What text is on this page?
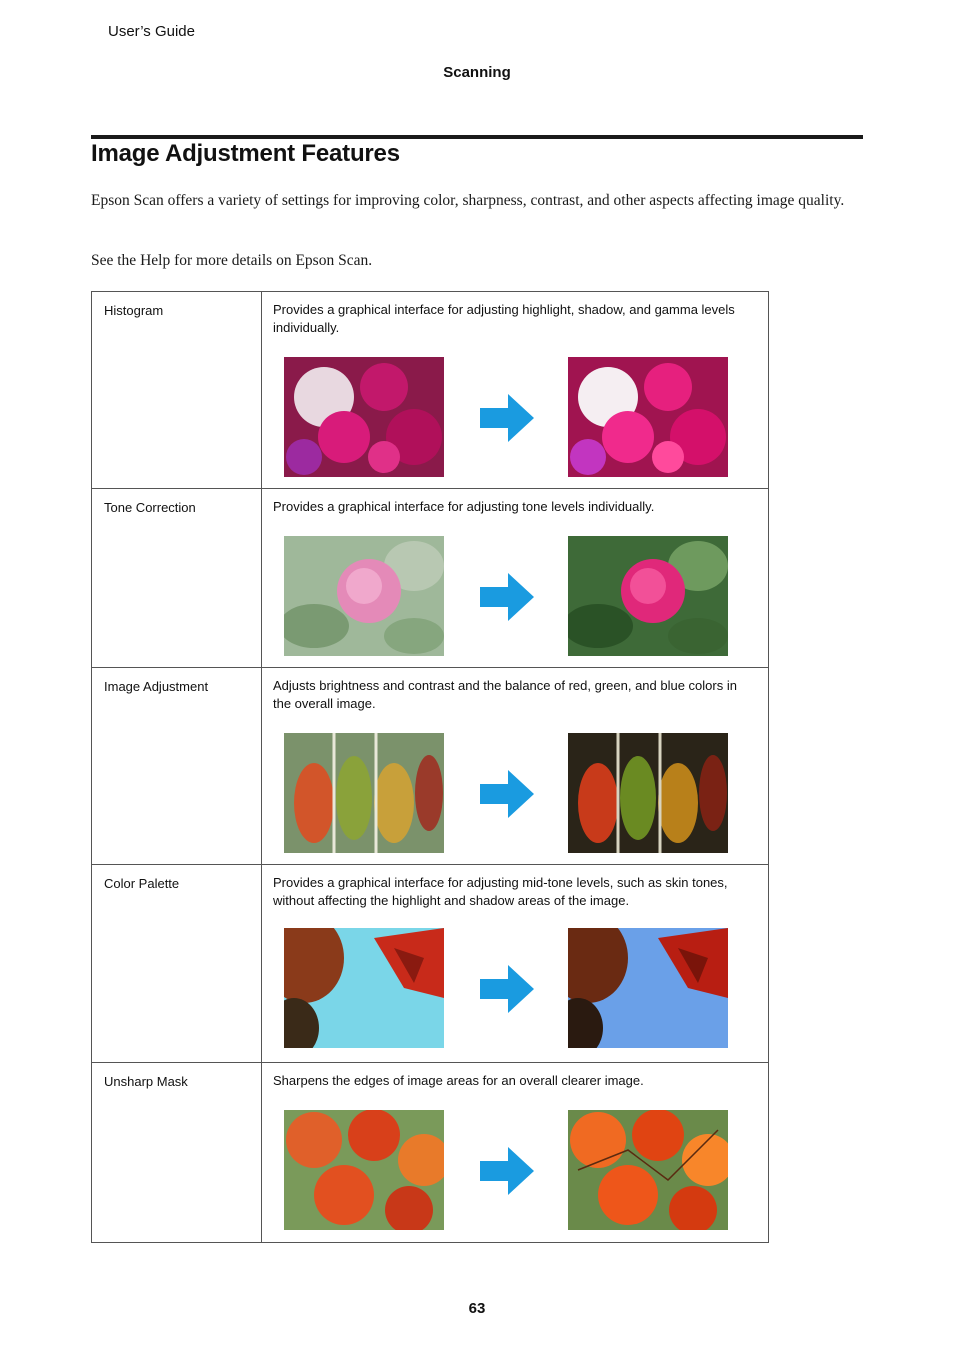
User’s Guide
Scanning
Image Adjustment Features

Epson Scan offers a variety of settings for improving color, sharpness, contrast, and other aspects affecting image quality.

See the Help for more details on Epson Scan.

Histogram	Provides a graphical interface for adjusting highlight, shadow, and gamma levels individually.

Tone Correction	Provides a graphical interface for adjusting tone levels individually.

Image Adjustment	Adjusts brightness and contrast and the balance of red, green, and blue colors in the overall image.

Color Palette	Provides a graphical interface for adjusting mid-tone levels, such as skin tones, without affecting the highlight and shadow areas of the image.

Unsharp Mask	Sharpens the edges of image areas for an overall clearer image.

63
